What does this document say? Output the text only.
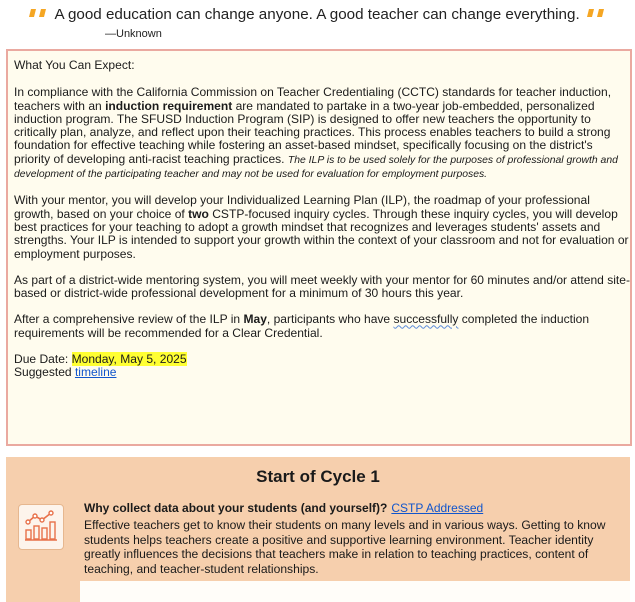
A good education can change anyone. A good teacher can change everything.
—Unknown

What You Can Expect:

In compliance with the California Commission on Teacher Credentialing (CCTC) standards for teacher induction, teachers with an induction requirement are mandated to partake in a two-year job-embedded, personalized induction program. The SFUSD Induction Program (SIP) is designed to offer new teachers the opportunity to critically plan, analyze, and reflect upon their teaching practices. This process enables teachers to build a strong foundation for effective teaching while fostering an asset-based mindset, specifically focusing on the district's priority of developing anti-racist teaching practices. The ILP is to be used solely for the purposes of professional growth and development of the participating teacher and may not be used for evaluation for employment purposes.

With your mentor, you will develop your Individualized Learning Plan (ILP), the roadmap of your professional growth, based on your choice of two CSTP-focused inquiry cycles. Through these inquiry cycles, you will develop best practices for your teaching to adopt a growth mindset that recognizes and leverages students' assets and strengths. Your ILP is intended to support your growth within the context of your classroom and not for evaluation or employment purposes.

As part of a district-wide mentoring system, you will meet weekly with your mentor for 60 minutes and/or attend site-based or district-wide professional development for a minimum of 30 hours this year.

After a comprehensive review of the ILP in May, participants who have successfully completed the induction requirements will be recommended for a Clear Credential.

Due Date: Monday, May 5, 2025

Suggested timeline

Start of Cycle 1
Why collect data about your students (and yourself)? CSTP Addressed
Effective teachers get to know their students on many levels and in various ways. Getting to know students helps teachers create a positive and supportive learning environment. Teacher identity greatly influences the decisions that teachers make in relation to teaching practices, content of teaching, and teacher-student relationships.
